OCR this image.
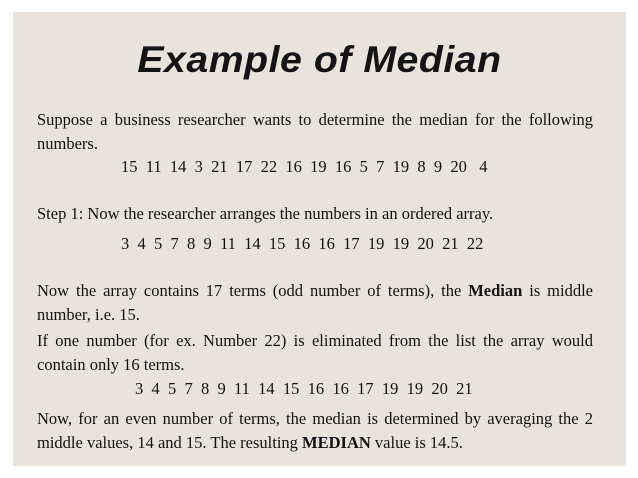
Example of Median
Suppose a business researcher wants to determine the median for the following numbers.
15  11  14  3  21  17  22  16  19  16  5  7  19  8  9  20   4
Step 1: Now the researcher arranges the numbers in an ordered array.
3  4  5  7  8  9  11  14  15  16  16  17  19  19  20  21  22
Now the array contains 17 terms (odd number of terms), the Median is middle number, i.e. 15.
If one number (for ex. Number 22) is eliminated from the list the array would contain only 16 terms.
3  4  5  7  8  9  11  14  15  16  16  17  19  19  20  21
Now, for an even number of terms, the median is determined by averaging the 2 middle values, 14 and 15. The resulting MEDIAN value is 14.5.
